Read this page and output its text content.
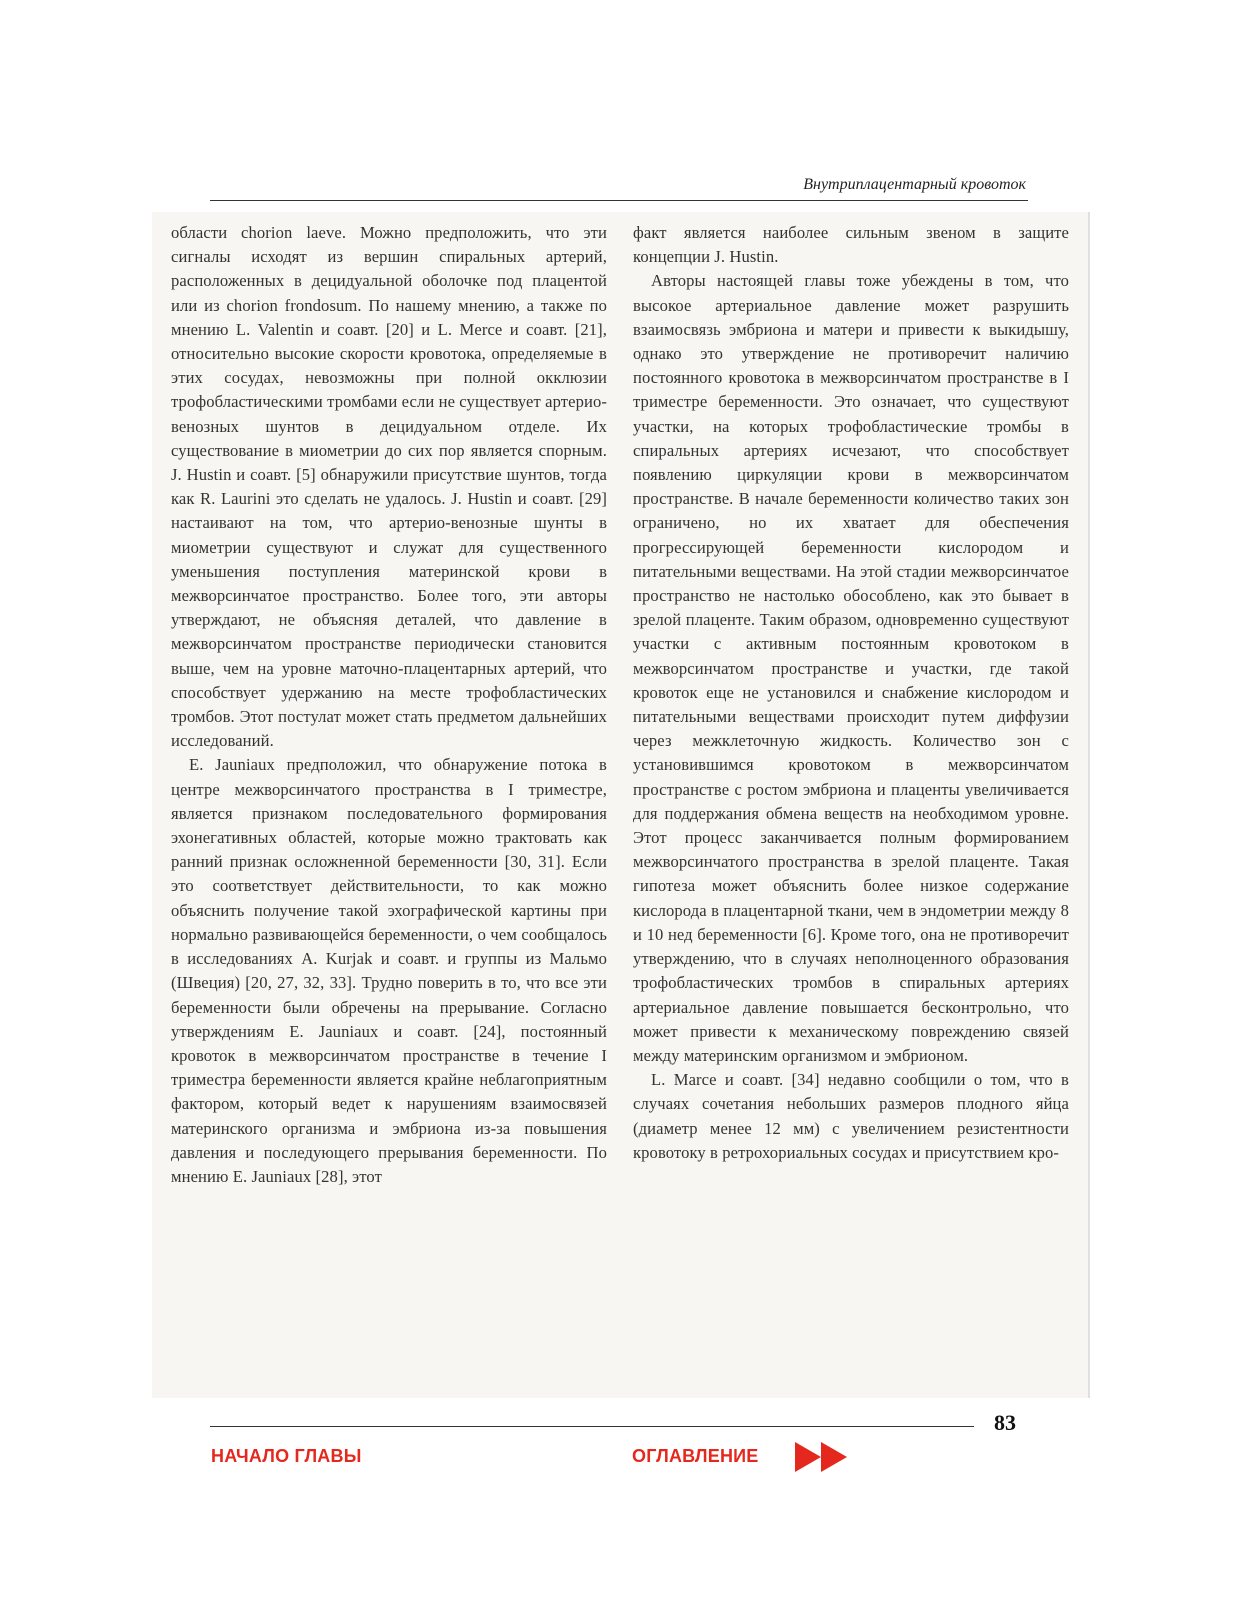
Внутриплацентарный кровоток

области chorion laeve. Можно предположить, что эти сигналы исходят из вершин спиральных артерий, расположенных в децидуальной оболочке под плацентой или из chorion frondosum. По нашему мнению, а также по мнению L. Valentin и соавт. [20] и L. Merce и соавт. [21], относительно высокие скорости кровотока, определяемые в этих сосудах, невозможны при полной окклюзии трофобластическими тромбами если не существует артерио-венозных шунтов в децидуальном отделе. Их существование в миометрии до сих пор является спорным. J. Hustin и соавт. [5] обнаружили присутствие шунтов, тогда как R. Laurini это сделать не удалось. J. Hustin и соавт. [29] настаивают на том, что артерио-венозные шунты в миометрии существуют и служат для существенного уменьшения поступления материнской крови в межворсинчатое пространство. Более того, эти авторы утверждают, не объясняя деталей, что давление в межворсинчатом пространстве периодически становится выше, чем на уровне маточно-плацентарных артерий, что способствует удержанию на месте трофобластических тромбов. Этот постулат может стать предметом дальнейших исследований.

E. Jauniaux предположил, что обнаружение потока в центре межворсинчатого пространства в I триместре, является признаком последовательного формирования эхонегативных областей, которые можно трактовать как ранний признак осложненной беременности [30, 31]. Если это соответствует действительности, то как можно объяснить получение такой эхографической картины при нормально развивающейся беременности, о чем сообщалось в исследованиях A. Kurjak и соавт. и группы из Мальмо (Швеция) [20, 27, 32, 33]. Трудно поверить в то, что все эти беременности были обречены на прерывание. Согласно утверждениям E. Jauniaux и соавт. [24], постоянный кровоток в межворсинчатом пространстве в течение I триместра беременности является крайне неблагоприятным фактором, который ведет к нарушениям взаимосвязей материнского организма и эмбриона из-за повышения давления и последующего прерывания беременности. По мнению E. Jauniaux [28], этот

факт является наиболее сильным звеном в защите концепции J. Hustin.

Авторы настоящей главы тоже убеждены в том, что высокое артериальное давление может разрушить взаимосвязь эмбриона и матери и привести к выкидышу, однако это утверждение не противоречит наличию постоянного кровотока в межворсинчатом пространстве в I триместре беременности. Это означает, что существуют участки, на которых трофобластические тромбы в спиральных артериях исчезают, что способствует появлению циркуляции крови в межворсинчатом пространстве. В начале беременности количество таких зон ограничено, но их хватает для обеспечения прогрессирующей беременности кислородом и питательными веществами. На этой стадии межворсинчатое пространство не настолько обособлено, как это бывает в зрелой плаценте. Таким образом, одновременно существуют участки с активным постоянным кровотоком в межворсинчатом пространстве и участки, где такой кровоток еще не установился и снабжение кислородом и питательными веществами происходит путем диффузии через межклеточную жидкость. Количество зон с установившимся кровотоком в межворсинчатом пространстве с ростом эмбриона и плаценты увеличивается для поддержания обмена веществ на необходимом уровне. Этот процесс заканчивается полным формированием межворсинчатого пространства в зрелой плаценте. Такая гипотеза может объяснить более низкое содержание кислорода в плацентарной ткани, чем в эндометрии между 8 и 10 нед беременности [6]. Кроме того, она не противоречит утверждению, что в случаях неполноценного образования трофобластических тромбов в спиральных артериях артериальное давление повышается бесконтрольно, что может привести к механическому повреждению связей между материнским организмом и эмбрионом.

L. Marce и соавт. [34] недавно сообщили о том, что в случаях сочетания небольших размеров плодного яйца (диаметр менее 12 мм) с увеличением резистентности кровотоку в ретрохориальных сосудах и присутствием кро-

83
НАЧАЛО ГЛАВЫ	ОГЛАВЛЕНИЕ
